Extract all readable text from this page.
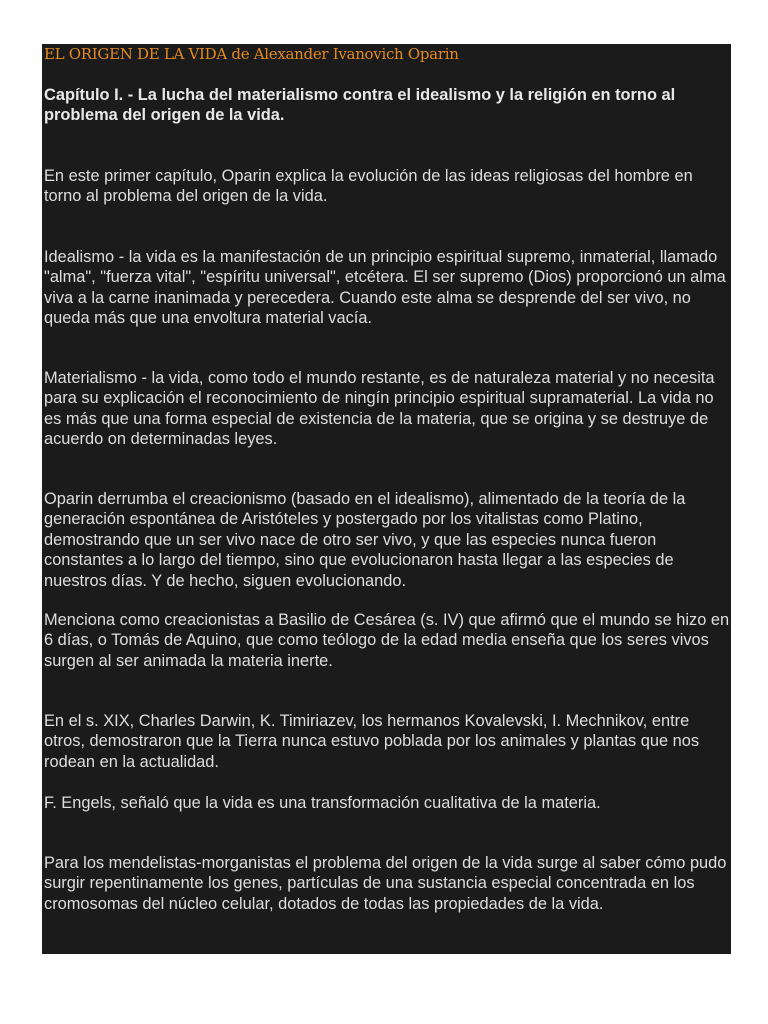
EL ORIGEN DE LA VIDA de Alexander Ivanovich Oparin

Capítulo I. - La lucha del materialismo contra el idealismo y la religión en torno al problema del origen de la vida.

En este primer capítulo, Oparin explica la evolución de las ideas religiosas del hombre en torno al problema del origen de la vida.

Idealismo - la vida es la manifestación de un principio espiritual supremo, inmaterial, llamado "alma", "fuerza vital", "espíritu universal", etcétera. El ser supremo (Dios) proporcionó un alma viva a la carne inanimada y perecedera. Cuando este alma se desprende del ser vivo, no queda más que una envoltura material vacía.

Materialismo - la vida, como todo el mundo restante, es de naturaleza material y no necesita para su explicación el reconocimiento de ningín principio espiritual supramaterial. La vida no es más que una forma especial de existencia de la materia, que se origina y se destruye de acuerdo on determinadas leyes.

Oparin derrumba el creacionismo (basado en el idealismo), alimentado de la teoría de la generación espontánea de Aristóteles y postergado por los vitalistas como Platino, demostrando que un ser vivo nace de otro ser vivo, y que las especies nunca fueron constantes a lo largo del tiempo, sino que evolucionaron hasta llegar a las especies de nuestros días. Y de hecho, siguen evolucionando.

Menciona como creacionistas a Basilio de Cesárea (s. IV) que afirmó que el mundo se hizo en 6 días, o Tomás de Aquino, que como teólogo de la edad media enseña que los seres vivos surgen al ser animada la materia inerte.

En el s. XIX, Charles Darwin, K. Timiriazev, los hermanos Kovalevski, I. Mechnikov, entre otros, demostraron que la Tierra nunca estuvo poblada por los animales y plantas que nos rodean en la actualidad.

F. Engels, señaló que la vida es una transformación cualitativa de la materia.

Para los mendelistas-morganistas el problema del origen de la vida surge al saber cómo pudo surgir repentinamente los genes, partículas de una sustancia especial concentrada en los cromosomas del núcleo celular, dotados de todas las propiedades de la vida.
